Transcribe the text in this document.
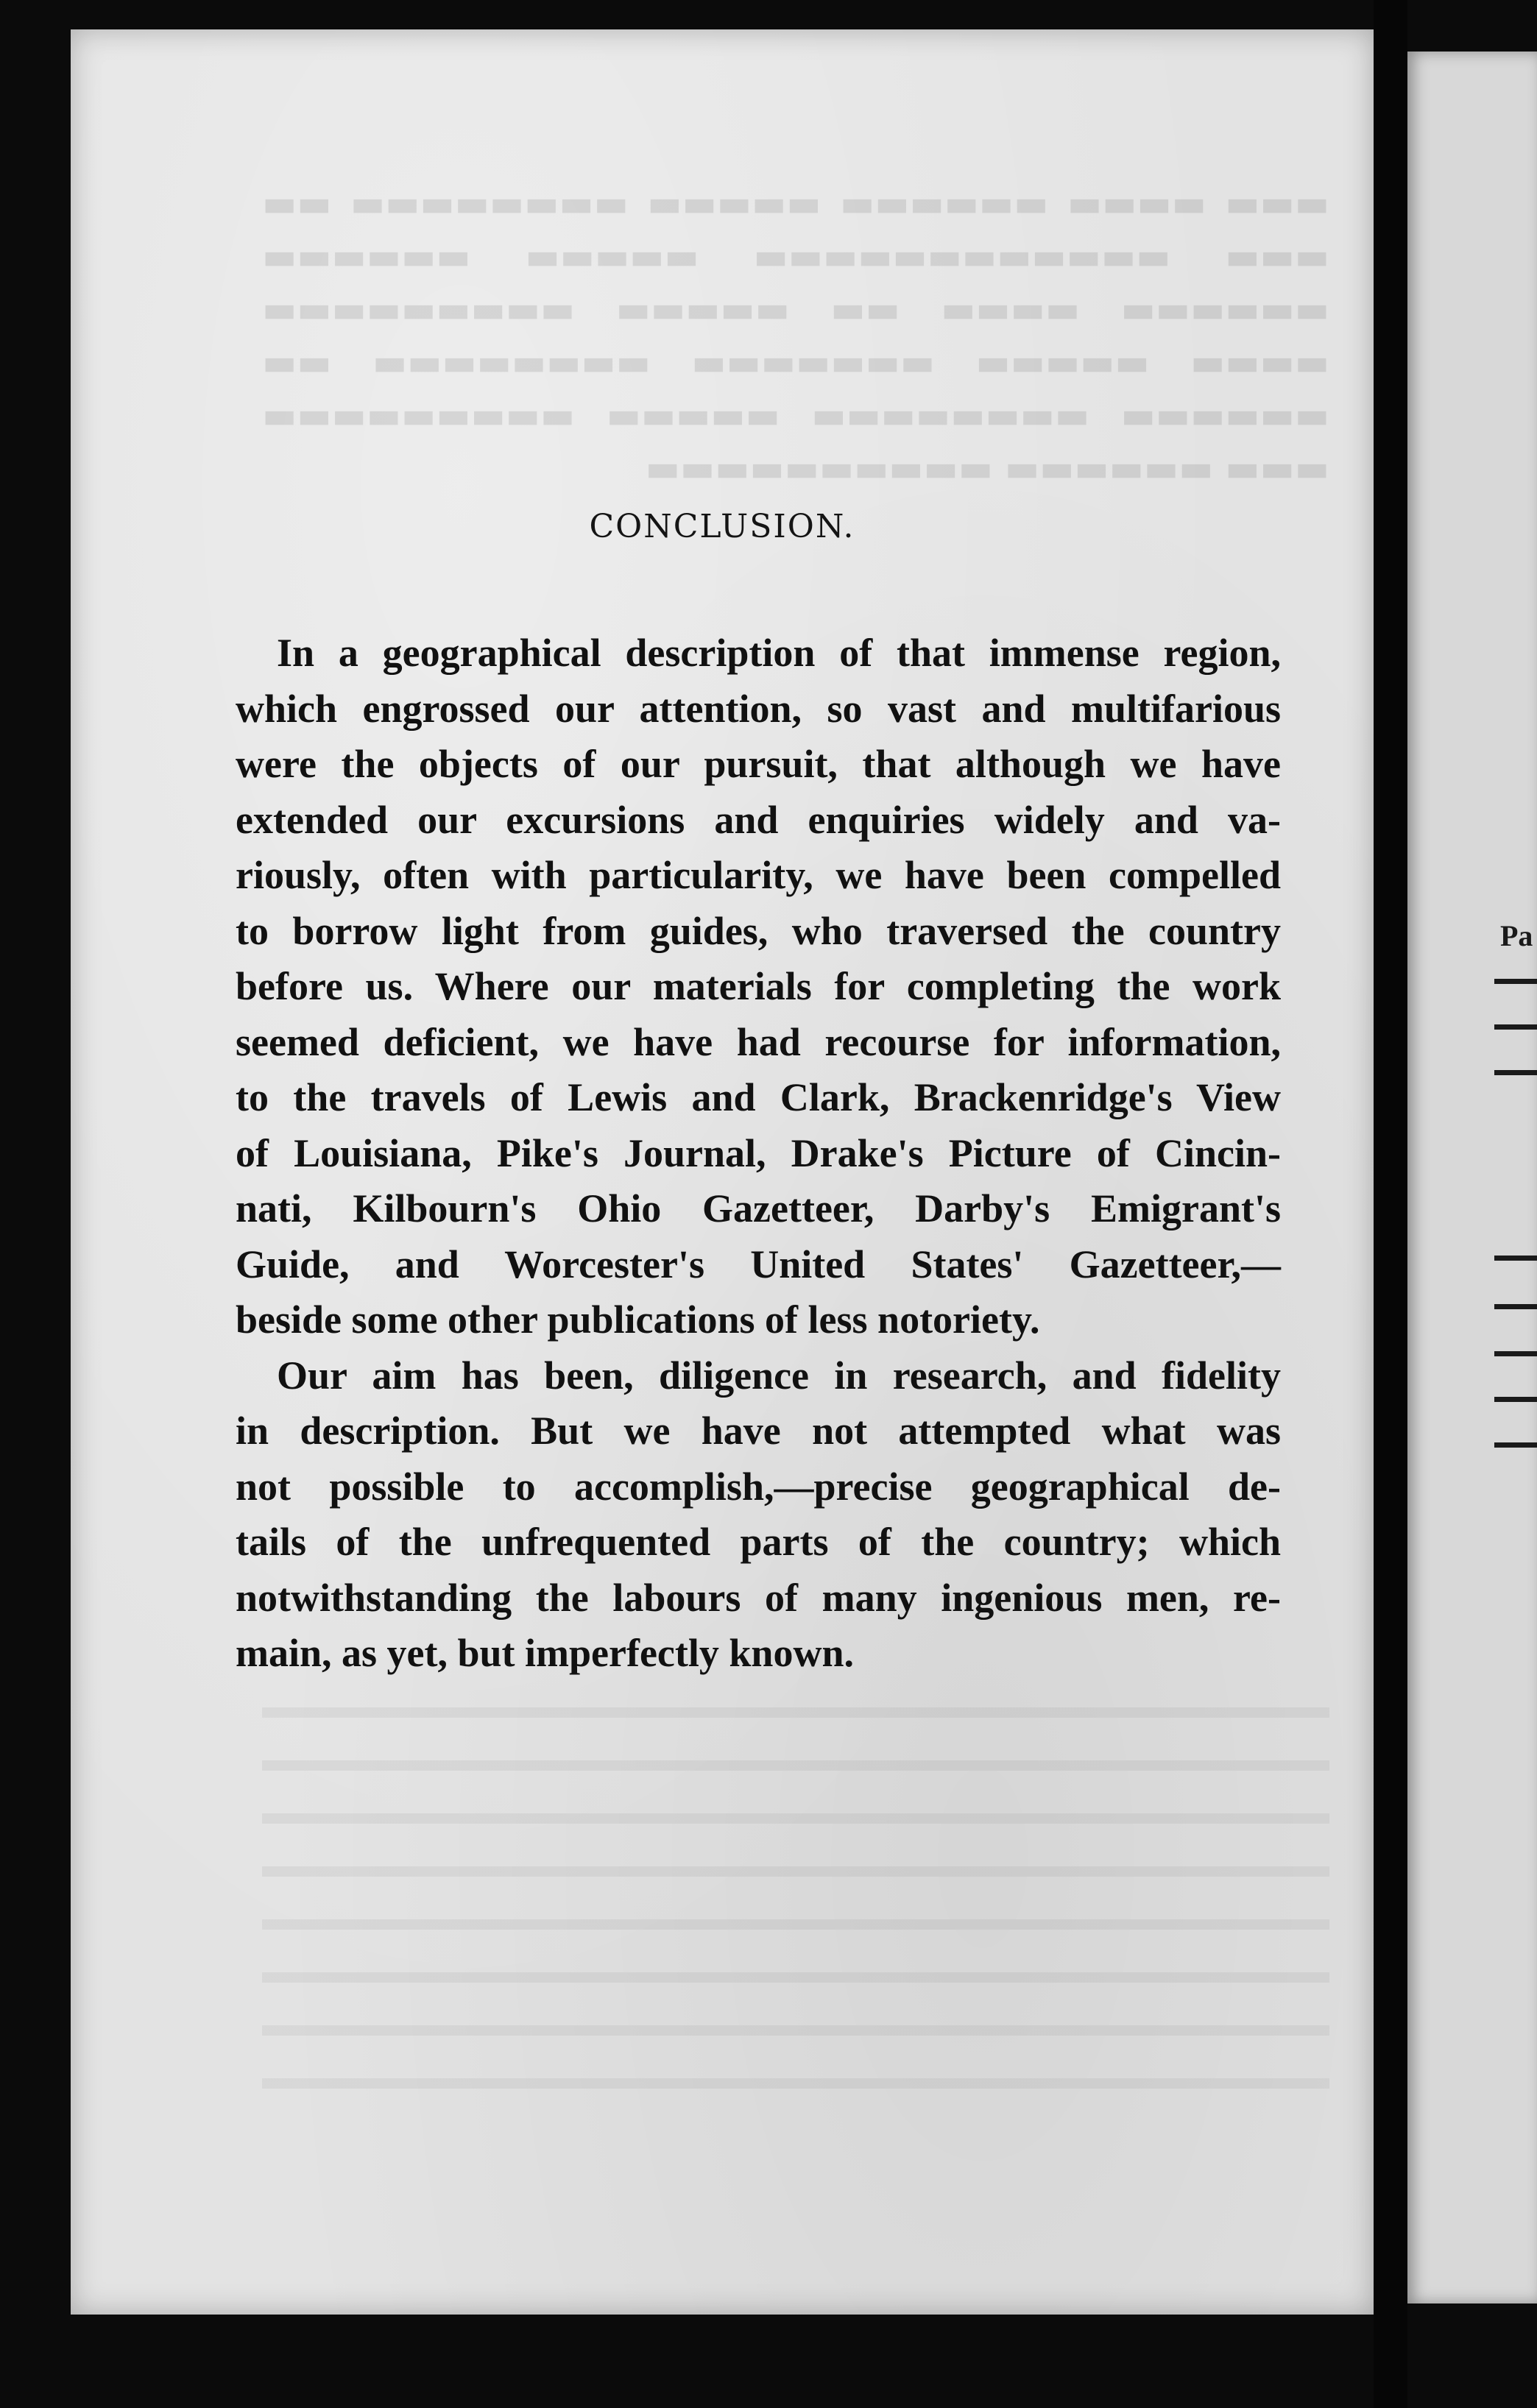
▬▬▬ ▬▬▬▬ ▬▬▬▬▬▬ ▬▬▬▬▬ ▬▬▬▬▬▬▬▬ ▬▬ ▬▬▬ ▬▬▬▬▬▬▬▬▬▬▬▬ ▬▬▬▬▬ ▬▬▬▬▬▬ ▬▬▬▬▬▬ ▬▬▬▬ ▬▬ ▬▬▬▬▬ ▬▬▬▬▬▬▬▬▬ ▬▬▬▬ ▬▬▬▬▬ ▬▬▬▬▬▬▬ ▬▬▬▬▬▬▬▬ ▬▬ ▬▬▬▬▬▬ ▬▬▬▬▬▬▬▬ ▬▬▬▬▬ ▬▬▬▬▬▬▬▬▬ ▬▬▬ ▬▬▬▬▬▬ ▬▬▬▬▬▬▬▬▬▬
CONCLUSION.
In a geographical description of that immense region,
which engrossed our attention, so vast and multifarious
were the objects of our pursuit, that although we have
extended our excursions and enquiries widely and va-
riously, often with particularity, we have been compelled
to borrow light from guides, who traversed the country
before us. Where our materials for completing the work
seemed deficient, we have had recourse for information,
to the travels of Lewis and Clark, Brackenridge's View
of Louisiana, Pike's Journal, Drake's Picture of Cincin-
nati, Kilbourn's Ohio Gazetteer, Darby's Emigrant's
Guide, and Worcester's United States' Gazetteer,—
beside some other publications of less notoriety.
Our aim has been, diligence in research, and fidelity
in description. But we have not attempted what was
not possible to accomplish,—precise geographical de-
tails of the unfrequented parts of the country; which
notwithstanding the labours of many ingenious men, re-
main, as yet, but imperfectly known.
Pa
